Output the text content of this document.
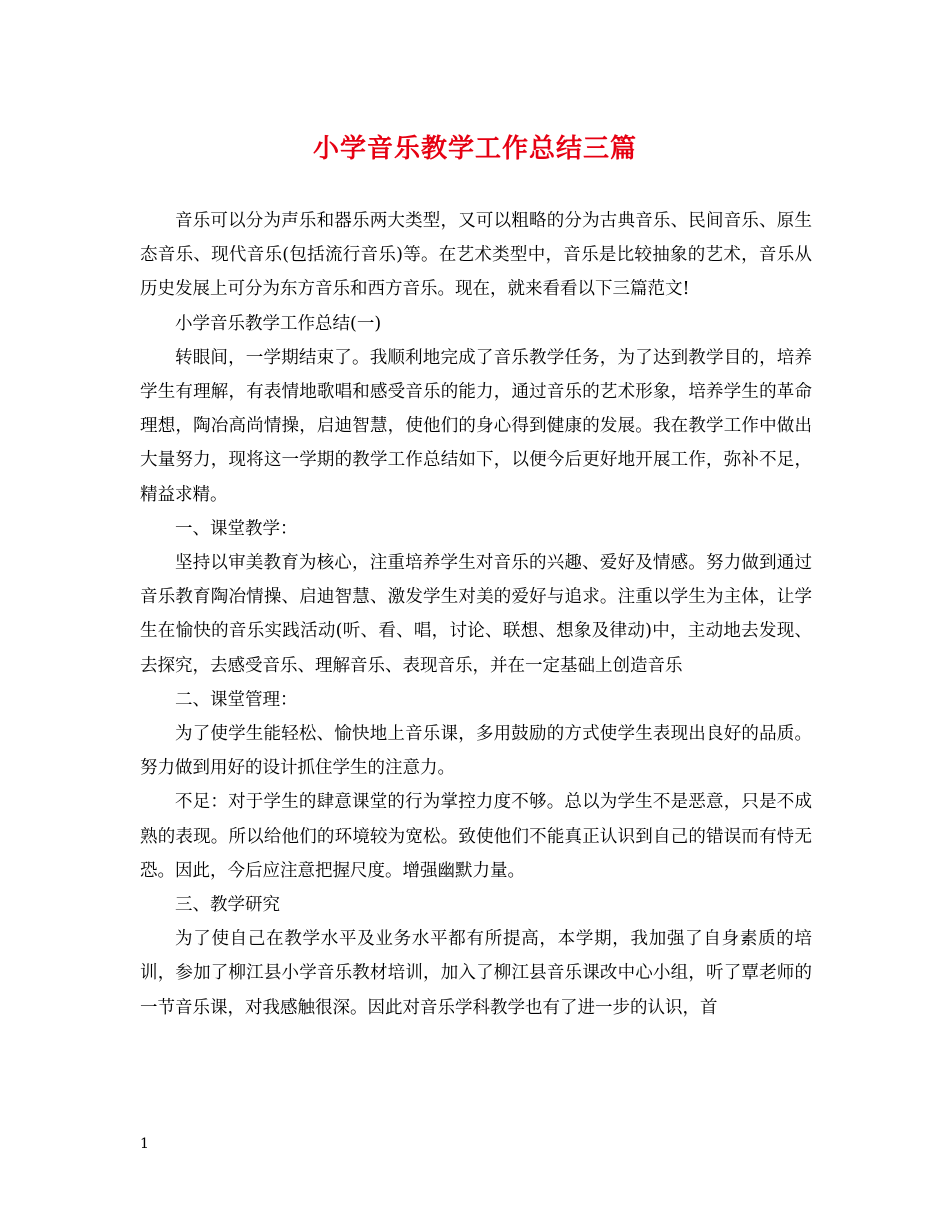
小学音乐教学工作总结三篇

音乐可以分为声乐和器乐两大类型，又可以粗略的分为古典音乐、民间音乐、原生态音乐、现代音乐(包括流行音乐)等。在艺术类型中，音乐是比较抽象的艺术，音乐从历史发展上可分为东方音乐和西方音乐。现在，就来看看以下三篇范文!

小学音乐教学工作总结(一)

转眼间，一学期结束了。我顺利地完成了音乐教学任务，为了达到教学目的，培养学生有理解，有表情地歌唱和感受音乐的能力，通过音乐的艺术形象，培养学生的革命理想，陶冶高尚情操，启迪智慧，使他们的身心得到健康的发展。我在教学工作中做出大量努力，现将这一学期的教学工作总结如下，以便今后更好地开展工作，弥补不足，精益求精。

一、课堂教学：

坚持以审美教育为核心，注重培养学生对音乐的兴趣、爱好及情感。努力做到通过音乐教育陶冶情操、启迪智慧、激发学生对美的爱好与追求。注重以学生为主体，让学生在愉快的音乐实践活动(听、看、唱，讨论、联想、想象及律动)中，主动地去发现、去探究，去感受音乐、理解音乐、表现音乐，并在一定基础上创造音乐

二、课堂管理：

为了使学生能轻松、愉快地上音乐课，多用鼓励的方式使学生表现出良好的品质。努力做到用好的设计抓住学生的注意力。

不足：对于学生的肆意课堂的行为掌控力度不够。总以为学生不是恶意，只是不成熟的表现。所以给他们的环境较为宽松。致使他们不能真正认识到自己的错误而有恃无恐。因此，今后应注意把握尺度。增强幽默力量。

三、教学研究

为了使自己在教学水平及业务水平都有所提高，本学期，我加强了自身素质的培训，参加了柳江县小学音乐教材培训，加入了柳江县音乐课改中心小组，听了覃老师的一节音乐课，对我感触很深。因此对音乐学科教学也有了进一步的认识，首

1
